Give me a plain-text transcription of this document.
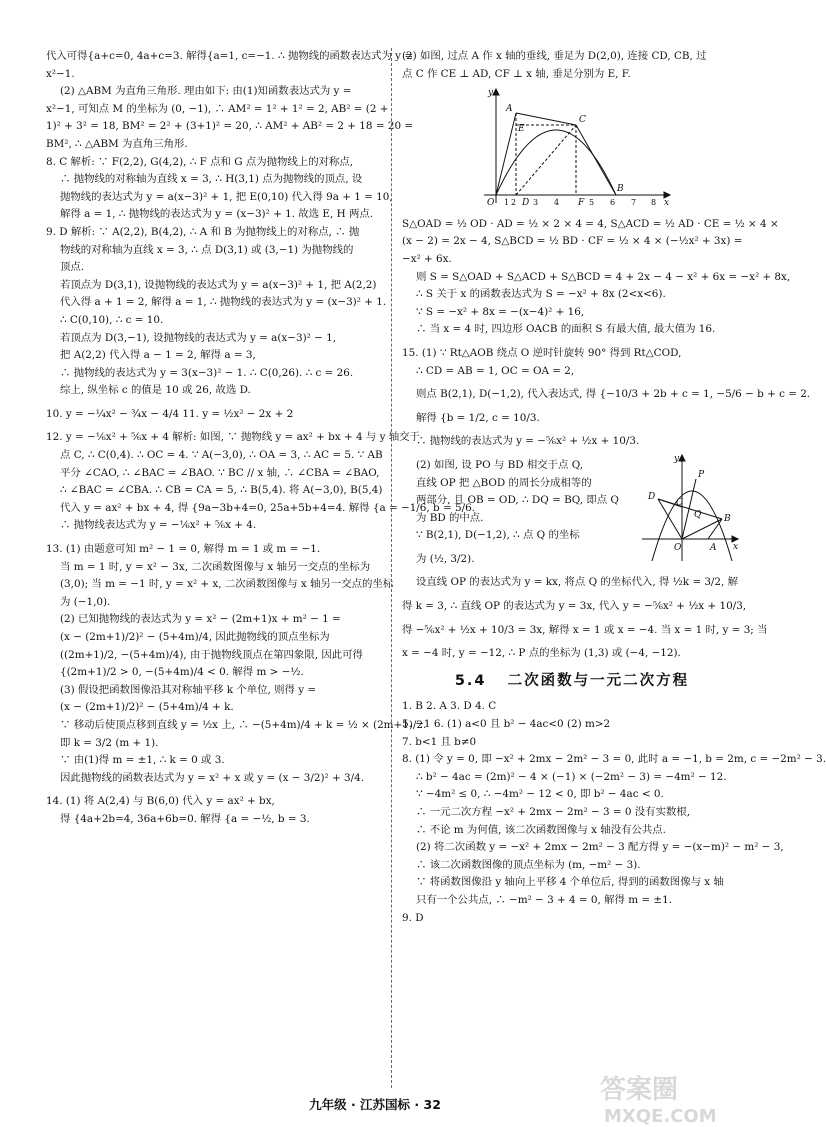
代入可得{a+c=0, 4a+c=3. 解得{a=1, c=−1. ∴ 抛物线的函数表达式为 y =
x²−1.
(2) △ABM 为直角三角形. 理由如下: 由(1)知函数表达式为 y =
x²−1, 可知点 M 的坐标为 (0, −1), ∴ AM² = 1² + 1² = 2, AB² = (2 +
1)² + 3² = 18, BM² = 2² + (3+1)² = 20, ∴ AM² + AB² = 2 + 18 = 20 =
BM², ∴ △ABM 为直角三角形.
8. C 解析: ∵ F(2,2), G(4,2), ∴ F 点和 G 点为抛物线上的对称点,
∴ 抛物线的对称轴为直线 x = 3, ∴ H(3,1) 点为抛物线的顶点, 设
抛物线的表达式为 y = a(x−3)² + 1, 把 E(0,10) 代入得 9a + 1 = 10,
解得 a = 1, ∴ 抛物线的表达式为 y = (x−3)² + 1. 故选 E, H 两点.
9. D 解析: ∵ A(2,2), B(4,2), ∴ A 和 B 为抛物线上的对称点, ∴ 抛
物线的对称轴为直线 x = 3, ∴ 点 D(3,1) 或 (3,−1) 为抛物线的
顶点.
若顶点为 D(3,1), 设抛物线的表达式为 y = a(x−3)² + 1, 把 A(2,2)
代入得 a + 1 = 2, 解得 a = 1, ∴ 抛物线的表达式为 y = (x−3)² + 1.
∴ C(0,10), ∴ c = 10.
若顶点为 D(3,−1), 设抛物线的表达式为 y = a(x−3)² − 1,
把 A(2,2) 代入得 a − 1 = 2, 解得 a = 3,
∴ 抛物线的表达式为 y = 3(x−3)² − 1. ∴ C(0,26). ∴ c = 26.
综上, 纵坐标 c 的值是 10 或 26, 故选 D.
10. y = −¼x² − ¾x − 4/4 11. y = ½x² − 2x + 2
12. y = −⅙x² + ⅚x + 4 解析: 如图, ∵ 抛物线 y = ax² + bx + 4 与 y 轴交于
点 C, ∴ C(0,4). ∴ OC = 4. ∵ A(−3,0), ∴ OA = 3, ∴ AC = 5. ∵ AB
平分 ∠CAO, ∴ ∠BAC = ∠BAO. ∵ BC // x 轴, ∴ ∠CBA = ∠BAO,
∴ ∠BAC = ∠CBA. ∴ CB = CA = 5, ∴ B(5,4). 将 A(−3,0), B(5,4)
代入 y = ax² + bx + 4, 得 {9a−3b+4=0, 25a+5b+4=4. 解得 {a = −1/6, b = 5/6.
∴ 抛物线表达式为 y = −⅙x² + ⅚x + 4.
13. (1) 由题意可知 m² − 1 = 0, 解得 m = 1 或 m = −1.
当 m = 1 时, y = x² − 3x, 二次函数图像与 x 轴另一交点的坐标为
(3,0); 当 m = −1 时, y = x² + x, 二次函数图像与 x 轴另一交点的坐标
为 (−1,0).
(2) 已知抛物线的表达式为 y = x² − (2m+1)x + m² − 1 =
(x − (2m+1)/2)² − (5+4m)/4, 因此抛物线的顶点坐标为
((2m+1)/2, −(5+4m)/4), 由于抛物线顶点在第四象限, 因此可得
{(2m+1)/2 > 0, −(5+4m)/4 < 0. 解得 m > −½.
(3) 假设把函数图像沿其对称轴平移 k 个单位, 则得 y =
(x − (2m+1)/2)² − (5+4m)/4 + k.
∵ 移动后使顶点移到直线 y = ½x 上, ∴ −(5+4m)/4 + k = ½ × (2m+1)/2.
即 k = 3/2 (m + 1).
∵ 由(1)得 m = ±1, ∴ k = 0 或 3.
因此抛物线的函数表达式为 y = x² + x 或 y = (x − 3/2)² + 3/4.
14. (1) 将 A(2,4) 与 B(6,0) 代入 y = ax² + bx,
得 {4a+2b=4, 36a+6b=0. 解得 {a = −½, b = 3.
(2) 如图, 过点 A 作 x 轴的垂线, 垂足为 D(2,0), 连接 CD, CB, 过
点 C 作 CE ⊥ AD, CF ⊥ x 轴, 垂足分别为 E, F.
y
x
O
A
C
E
B
D	F
1 2 3 4	5 6 7 8
S△OAD = ½ OD · AD = ½ × 2 × 4 = 4, S△ACD = ½ AD · CE = ½ × 4 ×
(x − 2) = 2x − 4, S△BCD = ½ BD · CF = ½ × 4 × (−½x² + 3x) =
−x² + 6x.
则 S = S△OAD + S△ACD + S△BCD = 4 + 2x − 4 − x² + 6x = −x² + 8x,
∴ S 关于 x 的函数表达式为 S = −x² + 8x (2<x<6).
∵ S = −x² + 8x = −(x−4)² + 16,
∴ 当 x = 4 时, 四边形 OACB 的面积 S 有最大值, 最大值为 16.
15. (1) ∵ Rt△AOB 绕点 O 逆时针旋转 90° 得到 Rt△COD,
∴ CD = AB = 1, OC = OA = 2,
则点 B(2,1), D(−1,2), 代入表达式, 得 {−10/3 + 2b + c = 1, −5/6 − b + c = 2.
解得 {b = 1/2, c = 10/3.
∴ 抛物线的表达式为 y = −⅚x² + ½x + 10/3.
y
x
O
P
D
C
B
Q
A
(2) 如图, 设 PO 与 BD 相交于点 Q,
直线 OP 把 △BOD 的周长分成相等的
两部分, 且 OB = OD, ∴ DQ = BQ, 即点 Q
为 BD 的中点.
∵ B(2,1), D(−1,2), ∴ 点 Q 的坐标
为 (½, 3/2).
设直线 OP 的表达式为 y = kx, 将点 Q 的坐标代入, 得 ½k = 3/2, 解
得 k = 3, ∴ 直线 OP 的表达式为 y = 3x, 代入 y = −⅚x² + ½x + 10/3,
得 −⅚x² + ½x + 10/3 = 3x, 解得 x = 1 或 x = −4. 当 x = 1 时, y = 3; 当
x = −4 时, y = −12, ∴ P 点的坐标为 (1,3) 或 (−4, −12).
5.4 二次函数与一元二次方程
1. B 2. A 3. D 4. C
5. −1 6. (1) a<0 且 b² − 4ac<0 (2) m>2
7. b<1 且 b≠0
8. (1) 令 y = 0, 即 −x² + 2mx − 2m² − 3 = 0, 此时 a = −1, b = 2m, c = −2m² − 3.
∴ b² − 4ac = (2m)² − 4 × (−1) × (−2m² − 3) = −4m² − 12.
∵ −4m² ≤ 0, ∴ −4m² − 12 < 0, 即 b² − 4ac < 0.
∴ 一元二次方程 −x² + 2mx − 2m² − 3 = 0 没有实数根,
∴ 不论 m 为何值, 该二次函数图像与 x 轴没有公共点.
(2) 将二次函数 y = −x² + 2mx − 2m² − 3 配方得 y = −(x−m)² − m² − 3,
∴ 该二次函数图像的顶点坐标为 (m, −m² − 3).
∵ 将函数图像沿 y 轴向上平移 4 个单位后, 得到的函数图像与 x 轴
只有一个公共点, ∴ −m² − 3 + 4 = 0, 解得 m = ±1.
9. D
九年级 · 江苏国标 · 32	答案圈
MXQE.COM
